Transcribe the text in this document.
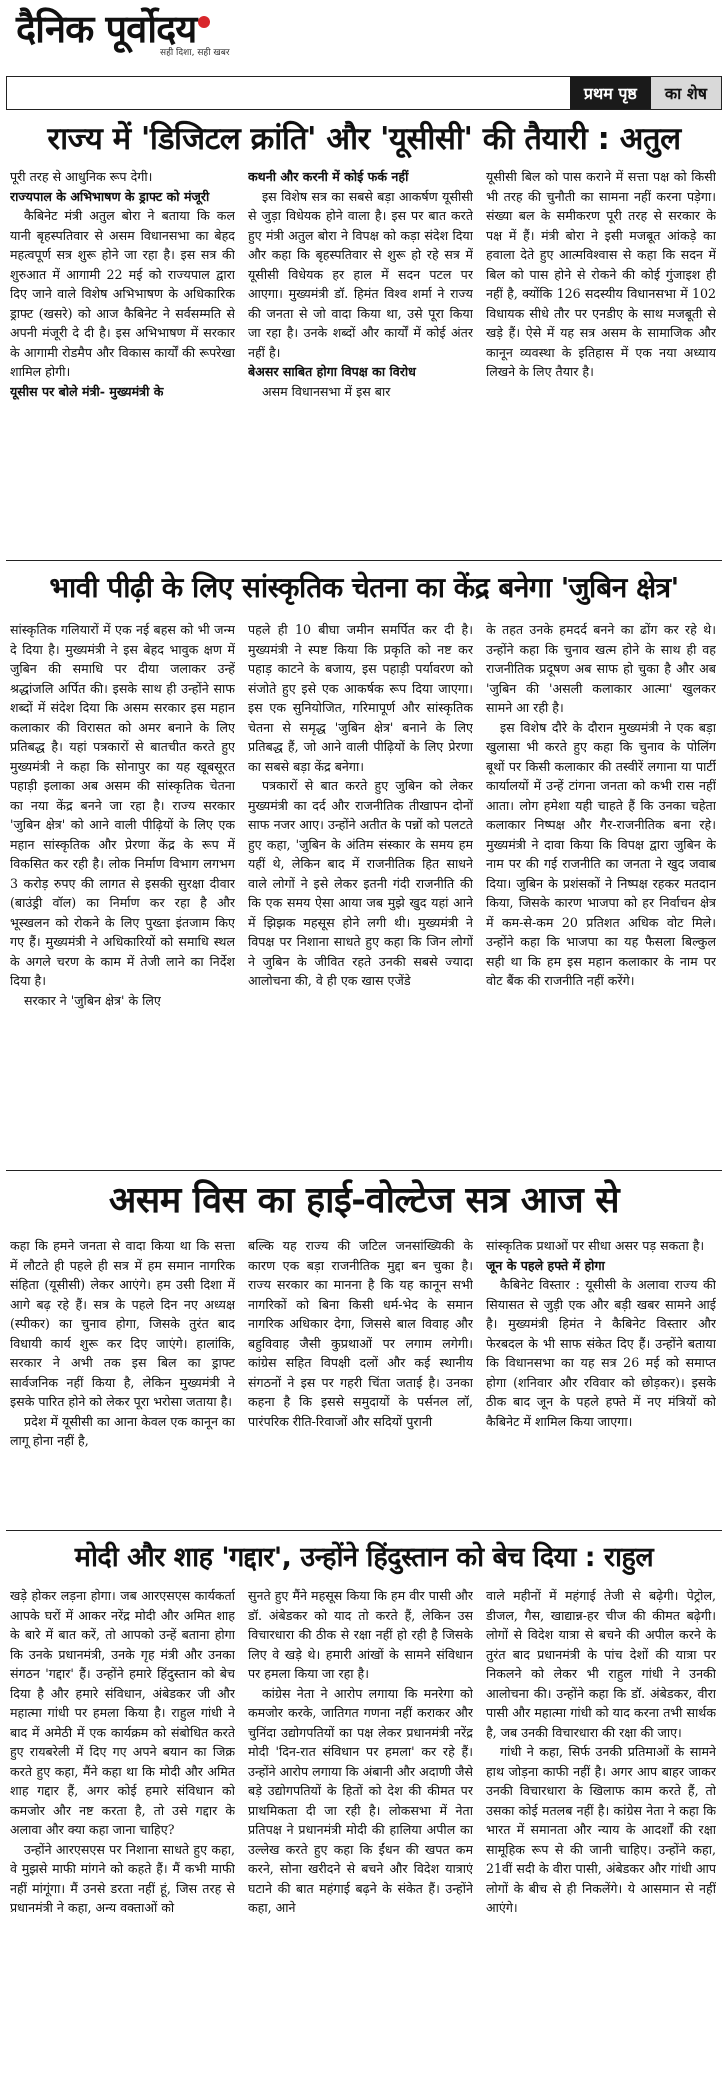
दैनिक पूर्वोदय
सही दिशा, सही खबर
प्रथम पृष्ठ	का शेष
राज्य में 'डिजिटल क्रांति' और 'यूसीसी' की तैयारी : अतुल

पूरी तरह से आधुनिक रूप देगी।

राज्यपाल के अभिभाषण के ड्राफ्ट को मंजूरी

कैबिनेट मंत्री अतुल बोरा ने बताया कि कल यानी बृहस्पतिवार से असम विधानसभा का बेहद महत्वपूर्ण सत्र शुरू होने जा रहा है। इस सत्र की शुरुआत में आगामी 22 मई को राज्यपाल द्वारा दिए जाने वाले विशेष अभिभाषण के अधिकारिक ड्राफ्ट (खसरे) को आज कैबिनेट ने सर्वसम्मति से अपनी मंजूरी दे दी है। इस अभिभाषण में सरकार के आगामी रोडमैप और विकास कार्यों की रूपरेखा शामिल होगी।

यूसीस पर बोले मंत्री- मुख्यमंत्री के

कथनी और करनी में कोई फर्क नहीं

इस विशेष सत्र का सबसे बड़ा आकर्षण यूसीसी से जुड़ा विधेयक होने वाला है। इस पर बात करते हुए मंत्री अतुल बोरा ने विपक्ष को कड़ा संदेश दिया और कहा कि बृहस्पतिवार से शुरू हो रहे सत्र में यूसीसी विधेयक हर हाल में सदन पटल पर आएगा। मुख्यमंत्री डॉ. हिमंत विश्व शर्मा ने राज्य की जनता से जो वादा किया था, उसे पूरा किया जा रहा है। उनके शब्दों और कार्यों में कोई अंतर नहीं है।

बेअसर साबित होगा विपक्ष का विरोध

असम विधानसभा में इस बार

यूसीसी बिल को पास कराने में सत्ता पक्ष को किसी भी तरह की चुनौती का सामना नहीं करना पड़ेगा। संख्या बल के समीकरण पूरी तरह से सरकार के पक्ष में हैं। मंत्री बोरा ने इसी मजबूत आंकड़े का हवाला देते हुए आत्मविश्वास से कहा कि सदन में बिल को पास होने से रोकने की कोई गुंजाइश ही नहीं है, क्योंकि 126 सदस्यीय विधानसभा में 102 विधायक सीधे तौर पर एनडीए के साथ मजबूती से खड़े हैं। ऐसे में यह सत्र असम के सामाजिक और कानून व्यवस्था के इतिहास में एक नया अध्याय लिखने के लिए तैयार है।

भावी पीढ़ी के लिए सांस्कृतिक चेतना का केंद्र बनेगा 'जुबिन क्षेत्र'

सांस्कृतिक गलियारों में एक नई बहस को भी जन्म दे दिया है। मुख्यमंत्री ने इस बेहद भावुक क्षण में जुबिन की समाधि पर दीया जलाकर उन्हें श्रद्धांजलि अर्पित की। इसके साथ ही उन्होंने साफ शब्दों में संदेश दिया कि असम सरकार इस महान कलाकार की विरासत को अमर बनाने के लिए प्रतिबद्ध है। यहां पत्रकारों से बातचीत करते हुए मुख्यमंत्री ने कहा कि सोनापुर का यह खूबसूरत पहाड़ी इलाका अब असम की सांस्कृतिक चेतना का नया केंद्र बनने जा रहा है। राज्य सरकार 'जुबिन क्षेत्र' को आने वाली पीढ़ियों के लिए एक महान सांस्कृतिक और प्रेरणा केंद्र के रूप में विकसित कर रही है। लोक निर्माण विभाग लगभग 3 करोड़ रुपए की लागत से इसकी सुरक्षा दीवार (बाउंड्री वॉल) का निर्माण कर रहा है और भूस्खलन को रोकने के लिए पुख्ता इंतजाम किए गए हैं। मुख्यमंत्री ने अधिकारियों को समाधि स्थल के अगले चरण के काम में तेजी लाने का निर्देश दिया है।

सरकार ने 'जुबिन क्षेत्र' के लिए

पहले ही 10 बीघा जमीन समर्पित कर दी है। मुख्यमंत्री ने स्पष्ट किया कि प्रकृति को नष्ट कर पहाड़ काटने के बजाय, इस पहाड़ी पर्यावरण को संजोते हुए इसे एक आकर्षक रूप दिया जाएगा। इस एक सुनियोजित, गरिमापूर्ण और सांस्कृतिक चेतना से समृद्ध 'जुबिन क्षेत्र' बनाने के लिए प्रतिबद्ध हैं, जो आने वाली पीढ़ियों के लिए प्रेरणा का सबसे बड़ा केंद्र बनेगा।

पत्रकारों से बात करते हुए जुबिन को लेकर मुख्यमंत्री का दर्द और राजनीतिक तीखापन दोनों साफ नजर आए। उन्होंने अतीत के पन्नों को पलटते हुए कहा, 'जुबिन के अंतिम संस्कार के समय हम यहीं थे, लेकिन बाद में राजनीतिक हित साधने वाले लोगों ने इसे लेकर इतनी गंदी राजनीति की कि एक समय ऐसा आया जब मुझे खुद यहां आने में झिझक महसूस होने लगी थी। मुख्यमंत्री ने विपक्ष पर निशाना साधते हुए कहा कि जिन लोगों ने जुबिन के जीवित रहते उनकी सबसे ज्यादा आलोचना की, वे ही एक खास एजेंडे

के तहत उनके हमदर्द बनने का ढोंग कर रहे थे। उन्होंने कहा कि चुनाव खत्म होने के साथ ही वह राजनीतिक प्रदूषण अब साफ हो चुका है और अब 'जुबिन की 'असली कलाकार आत्मा' खुलकर सामने आ रही है।

इस विशेष दौरे के दौरान मुख्यमंत्री ने एक बड़ा खुलासा भी करते हुए कहा कि चुनाव के पोलिंग बूथों पर किसी कलाकार की तस्वीरें लगाना या पार्टी कार्यालयों में उन्हें टांगना जनता को कभी रास नहीं आता। लोग हमेशा यही चाहते हैं कि उनका चहेता कलाकार निष्पक्ष और गैर-राजनीतिक बना रहे। मुख्यमंत्री ने दावा किया कि विपक्ष द्वारा जुबिन के नाम पर की गई राजनीति का जनता ने खुद जवाब दिया। जुबिन के प्रशंसकों ने निष्पक्ष रहकर मतदान किया, जिसके कारण भाजपा को हर निर्वाचन क्षेत्र में कम-से-कम 20 प्रतिशत अधिक वोट मिले। उन्होंने कहा कि भाजपा का यह फैसला बिल्कुल सही था कि हम इस महान कलाकार के नाम पर वोट बैंक की राजनीति नहीं करेंगे।

असम विस का हाई-वोल्टेज सत्र आज से

कहा कि हमने जनता से वादा किया था कि सत्ता में लौटते ही पहले ही सत्र में हम समान नागरिक संहिता (यूसीसी) लेकर आएंगे। हम उसी दिशा में आगे बढ़ रहे हैं। सत्र के पहले दिन नए अध्यक्ष (स्पीकर) का चुनाव होगा, जिसके तुरंत बाद विधायी कार्य शुरू कर दिए जाएंगे। हालांकि, सरकार ने अभी तक इस बिल का ड्राफ्ट सार्वजनिक नहीं किया है, लेकिन मुख्यमंत्री ने इसके पारित होने को लेकर पूरा भरोसा जताया है।

प्रदेश में यूसीसी का आना केवल एक कानून का लागू होना नहीं है,

बल्कि यह राज्य की जटिल जनसांख्यिकी के कारण एक बड़ा राजनीतिक मुद्दा बन चुका है। राज्य सरकार का मानना है कि यह कानून सभी नागरिकों को बिना किसी धर्म-भेद के समान नागरिक अधिकार देगा, जिससे बाल विवाह और बहुविवाह जैसी कुप्रथाओं पर लगाम लगेगी। कांग्रेस सहित विपक्षी दलों और कई स्थानीय संगठनों ने इस पर गहरी चिंता जताई है। उनका कहना है कि इससे समुदायों के पर्सनल लॉ, पारंपरिक रीति-रिवाजों और सदियों पुरानी

सांस्कृतिक प्रथाओं पर सीधा असर पड़ सकता है।

जून के पहले हफ्ते में होगा

कैबिनेट विस्तार : यूसीसी के अलावा राज्य की सियासत से जुड़ी एक और बड़ी खबर सामने आई है। मुख्यमंत्री हिमंत ने कैबिनेट विस्तार और फेरबदल के भी साफ संकेत दिए हैं। उन्होंने बताया कि विधानसभा का यह सत्र 26 मई को समाप्त होगा (शनिवार और रविवार को छोड़कर)। इसके ठीक बाद जून के पहले हफ्ते में नए मंत्रियों को कैबिनेट में शामिल किया जाएगा।

मोदी और शाह 'गद्दार', उन्होंने हिंदुस्तान को बेच दिया : राहुल

खड़े होकर लड़ना होगा। जब आरएसएस कार्यकर्ता आपके घरों में आकर नरेंद्र मोदी और अमित शाह के बारे में बात करें, तो आपको उन्हें बताना होगा कि उनके प्रधानमंत्री, उनके गृह मंत्री और उनका संगठन 'गद्दार' हैं। उन्होंने हमारे हिंदुस्तान को बेच दिया है और हमारे संविधान, अंबेडकर जी और महात्मा गांधी पर हमला किया है। राहुल गांधी ने बाद में अमेठी में एक कार्यक्रम को संबोधित करते हुए रायबरेली में दिए गए अपने बयान का जिक्र करते हुए कहा, मैंने कहा था कि मोदी और अमित शाह गद्दार हैं, अगर कोई हमारे संविधान को कमजोर और नष्ट करता है, तो उसे गद्दार के अलावा और क्या कहा जाना चाहिए?

उन्होंने आरएसएस पर निशाना साधते हुए कहा, वे मुझसे माफी मांगने को कहते हैं। मैं कभी माफी नहीं मांगूंगा। मैं उनसे डरता नहीं हूं, जिस तरह से प्रधानमंत्री ने कहा, अन्य वक्ताओं को

सुनते हुए मैंने महसूस किया कि हम वीर पासी और डॉ. अंबेडकर को याद तो करते हैं, लेकिन उस विचारधारा की ठीक से रक्षा नहीं हो रही है जिसके लिए वे खड़े थे। हमारी आंखों के सामने संविधान पर हमला किया जा रहा है।

कांग्रेस नेता ने आरोप लगाया कि मनरेगा को कमजोर करके, जातिगत गणना नहीं कराकर और चुनिंदा उद्योगपतियों का पक्ष लेकर प्रधानमंत्री नरेंद्र मोदी 'दिन-रात संविधान पर हमला' कर रहे हैं। उन्होंने आरोप लगाया कि अंबानी और अदाणी जैसे बड़े उद्योगपतियों के हितों को देश की कीमत पर प्राथमिकता दी जा रही है। लोकसभा में नेता प्रतिपक्ष ने प्रधानमंत्री मोदी की हालिया अपील का उल्लेख करते हुए कहा कि ईंधन की खपत कम करने, सोना खरीदने से बचने और विदेश यात्राएं घटाने की बात महंगाई बढ़ने के संकेत हैं। उन्होंने कहा, आने

वाले महीनों में महंगाई तेजी से बढ़ेगी। पेट्रोल, डीजल, गैस, खाद्यान्न-हर चीज की कीमत बढ़ेगी। लोगों से विदेश यात्रा से बचने की अपील करने के तुरंत बाद प्रधानमंत्री के पांच देशों की यात्रा पर निकलने को लेकर भी राहुल गांधी ने उनकी आलोचना की। उन्होंने कहा कि डॉ. अंबेडकर, वीरा पासी और महात्मा गांधी को याद करना तभी सार्थक है, जब उनकी विचारधारा की रक्षा की जाए।

गांधी ने कहा, सिर्फ उनकी प्रतिमाओं के सामने हाथ जोड़ना काफी नहीं है। अगर आप बाहर जाकर उनकी विचारधारा के खिलाफ काम करते हैं, तो उसका कोई मतलब नहीं है। कांग्रेस नेता ने कहा कि भारत में समानता और न्याय के आदर्शों की रक्षा सामूहिक रूप से की जानी चाहिए। उन्होंने कहा, 21वीं सदी के वीरा पासी, अंबेडकर और गांधी आप लोगों के बीच से ही निकलेंगे। ये आसमान से नहीं आएंगे।
